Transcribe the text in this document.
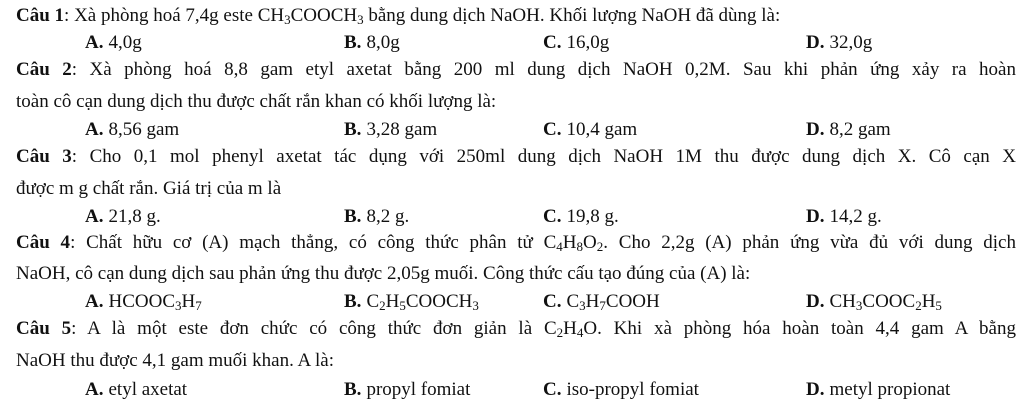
Câu 1: Xà phòng hoá 7,4g este $CH_3COOCH_3$ bằng dung dịch NaOH. Khối lượng NaOH đã dùng là:
A. 4,0g	B. 8,0g	C. 16,0g	D. 32,0g
Câu 2: Xà phòng hoá 8,8 gam etyl axetat bằng 200 ml dung dịch NaOH 0,2M. Sau khi phản ứng xảy ra hoàn
toàn cô cạn dung dịch thu được chất rắn khan có khối lượng là:
A. 8,56 gam	B. 3,28 gam	C. 10,4 gam	D. 8,2 gam
Câu 3: Cho 0,1 mol phenyl axetat tác dụng với 250ml dung dịch NaOH 1M thu được dung dịch X. Cô cạn X
được m g chất rắn. Giá trị của m là
A. 21,8 g.	B. 8,2 g.	C. 19,8 g.	D. 14,2 g.
Câu 4: Chất hữu cơ (A) mạch thẳng, có công thức phân tử $C_4H_8O_2$. Cho 2,2g (A) phản ứng vừa đủ với dung dịch
NaOH, cô cạn dung dịch sau phản ứng thu được 2,05g muối. Công thức cấu tạo đúng của (A) là:
A. $HCOOC_3H_7$	B. $C_2H_5COOCH_3$	C. $C_3H_7COOH$	D. $CH_3COOC_2H_5$
Câu 5: A là một este đơn chức có công thức đơn giản là $C_2H_4O$. Khi xà phòng hóa hoàn toàn 4,4 gam A bằng
NaOH thu được 4,1 gam muối khan. A là:
A. etyl axetat	B. propyl fomiat	C. iso-propyl fomiat	D. metyl propionat
